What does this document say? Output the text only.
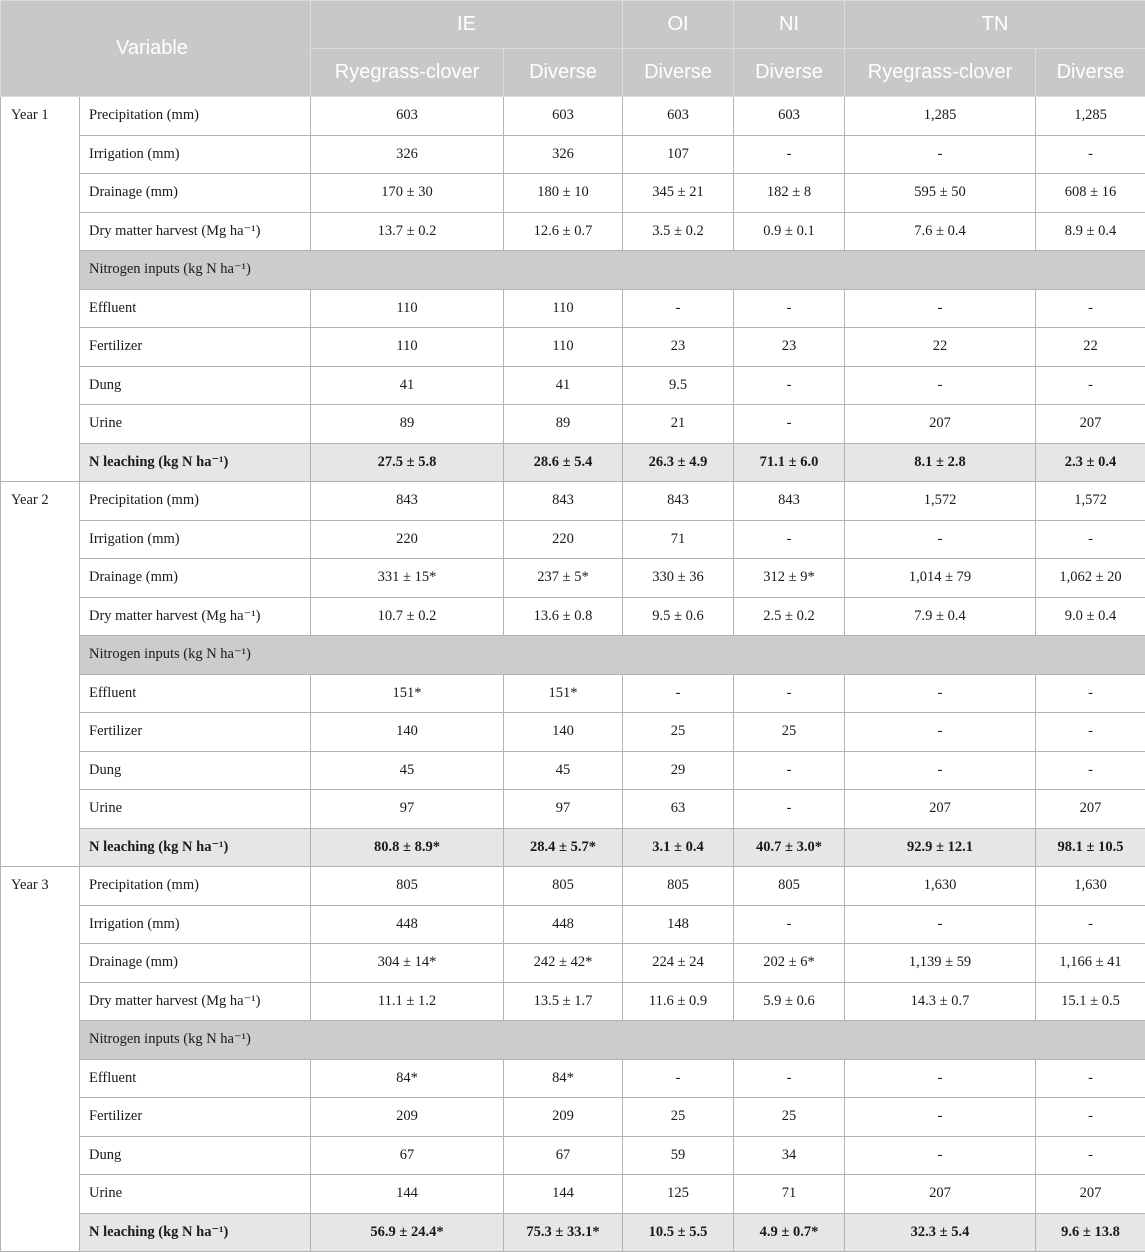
Variable		IE		OI	NI	TN	
		Ryegrass-clover	Diverse	Diverse	Diverse	Ryegrass-clover	Diverse
Year 1	Precipitation (mm)	603	603	603	603	1,285	1,285
	Irrigation (mm)	326	326	107	-	-	-
	Drainage (mm)	170 ± 30	180 ± 10	345 ± 21	182 ± 8	595 ± 50	608 ± 16
	Dry matter harvest (Mg ha⁻¹)	13.7 ± 0.2	12.6 ± 0.7	3.5 ± 0.2	0.9 ± 0.1	7.6 ± 0.4	8.9 ± 0.4
	Nitrogen inputs (kg N ha⁻¹)						
	Effluent	110	110	-	-	-	-
	Fertilizer	110	110	23	23	22	22
	Dung	41	41	9.5	-	-	-
	Urine	89	89	21	-	207	207
	N leaching (kg N ha⁻¹)	27.5 ± 5.8	28.6 ± 5.4	26.3 ± 4.9	71.1 ± 6.0	8.1 ± 2.8	2.3 ± 0.4
Year 2	Precipitation (mm)	843	843	843	843	1,572	1,572
	Irrigation (mm)	220	220	71	-	-	-
	Drainage (mm)	331 ± 15*	237 ± 5*	330 ± 36	312 ± 9*	1,014 ± 79	1,062 ± 20
	Dry matter harvest (Mg ha⁻¹)	10.7 ± 0.2	13.6 ± 0.8	9.5 ± 0.6	2.5 ± 0.2	7.9 ± 0.4	9.0 ± 0.4
	Nitrogen inputs (kg N ha⁻¹)						
	Effluent	151*	151*	-	-	-	-
	Fertilizer	140	140	25	25	-	-
	Dung	45	45	29	-	-	-
	Urine	97	97	63	-	207	207
	N leaching (kg N ha⁻¹)	80.8 ± 8.9*	28.4 ± 5.7*	3.1 ± 0.4	40.7 ± 3.0*	92.9 ± 12.1	98.1 ± 10.5
Year 3	Precipitation (mm)	805	805	805	805	1,630	1,630
	Irrigation (mm)	448	448	148	-	-	-
	Drainage (mm)	304 ± 14*	242 ± 42*	224 ± 24	202 ± 6*	1,139 ± 59	1,166 ± 41
	Dry matter harvest (Mg ha⁻¹)	11.1 ± 1.2	13.5 ± 1.7	11.6 ± 0.9	5.9 ± 0.6	14.3 ± 0.7	15.1 ± 0.5
	Nitrogen inputs (kg N ha⁻¹)						
	Effluent	84*	84*	-	-	-	-
	Fertilizer	209	209	25	25	-	-
	Dung	67	67	59	34	-	-
	Urine	144	144	125	71	207	207
	N leaching (kg N ha⁻¹)	56.9 ± 24.4*	75.3 ± 33.1*	10.5 ± 5.5	4.9 ± 0.7*	32.3 ± 5.4	9.6 ± 13.8
